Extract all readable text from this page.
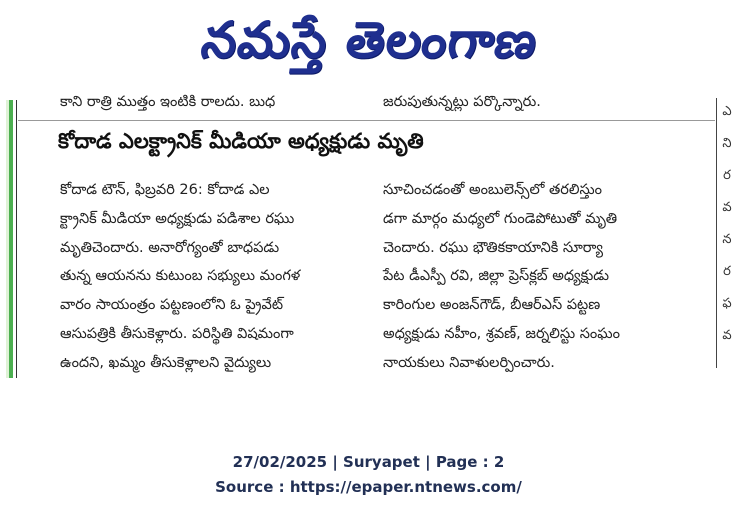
నమస్తే తెలంగాణ
కాని రాత్రి ముత్తం ఇంటికి రాలదు. బుధ	జరుపుతున్నట్లు పర్కొన్నారు.
కోదాడ ఎలక్ట్రానిక్ మీడియా అధ్యక్షుడు మృతి
కోదాడ టౌన్, ఫిబ్రవరి 26: కోదాడ ఎల
క్ట్రానిక్ మీడియా అధ్యక్షుడు పడిశాల రఘు
మృతిచెందారు. అనారోగ్యంతో బాధపడు
తున్న ఆయనను కుటుంబ సభ్యులు మంగళ
వారం సాయంత్రం పట్టణంలోని ఓ ప్రైవేట్
ఆసుపత్రికి తీసుకెళ్లారు. పరిస్థితి విషమంగా
ఉందని, ఖమ్మం తీసుకెళ్లాలని వైద్యులు
సూచించడంతో అంబులెన్స్‌లో తరలిస్తుం
డగా మార్గం మధ్యలో గుండెపోటుతో మృతి
చెందారు. రఘు భౌతికకాయానికి సూర్యా
పేట డీఎస్పీ రవి, జిల్లా ప్రెస్‌క్లబ్ అధ్యక్షుడు
కారింగుల అంజన్‌గౌడ్, బీఆర్‌ఎస్ పట్టణ
అధ్యక్షుడు నహీం, శ్రవణ్, జర్నలిస్టు సంఘం
నాయకులు నివాళులర్పించారు.
ఎ
ని
ర
వ
న
ర
ఫ
వ
27/02/2025 | Suryapet | Page : 2
Source : https://epaper.ntnews.com/
